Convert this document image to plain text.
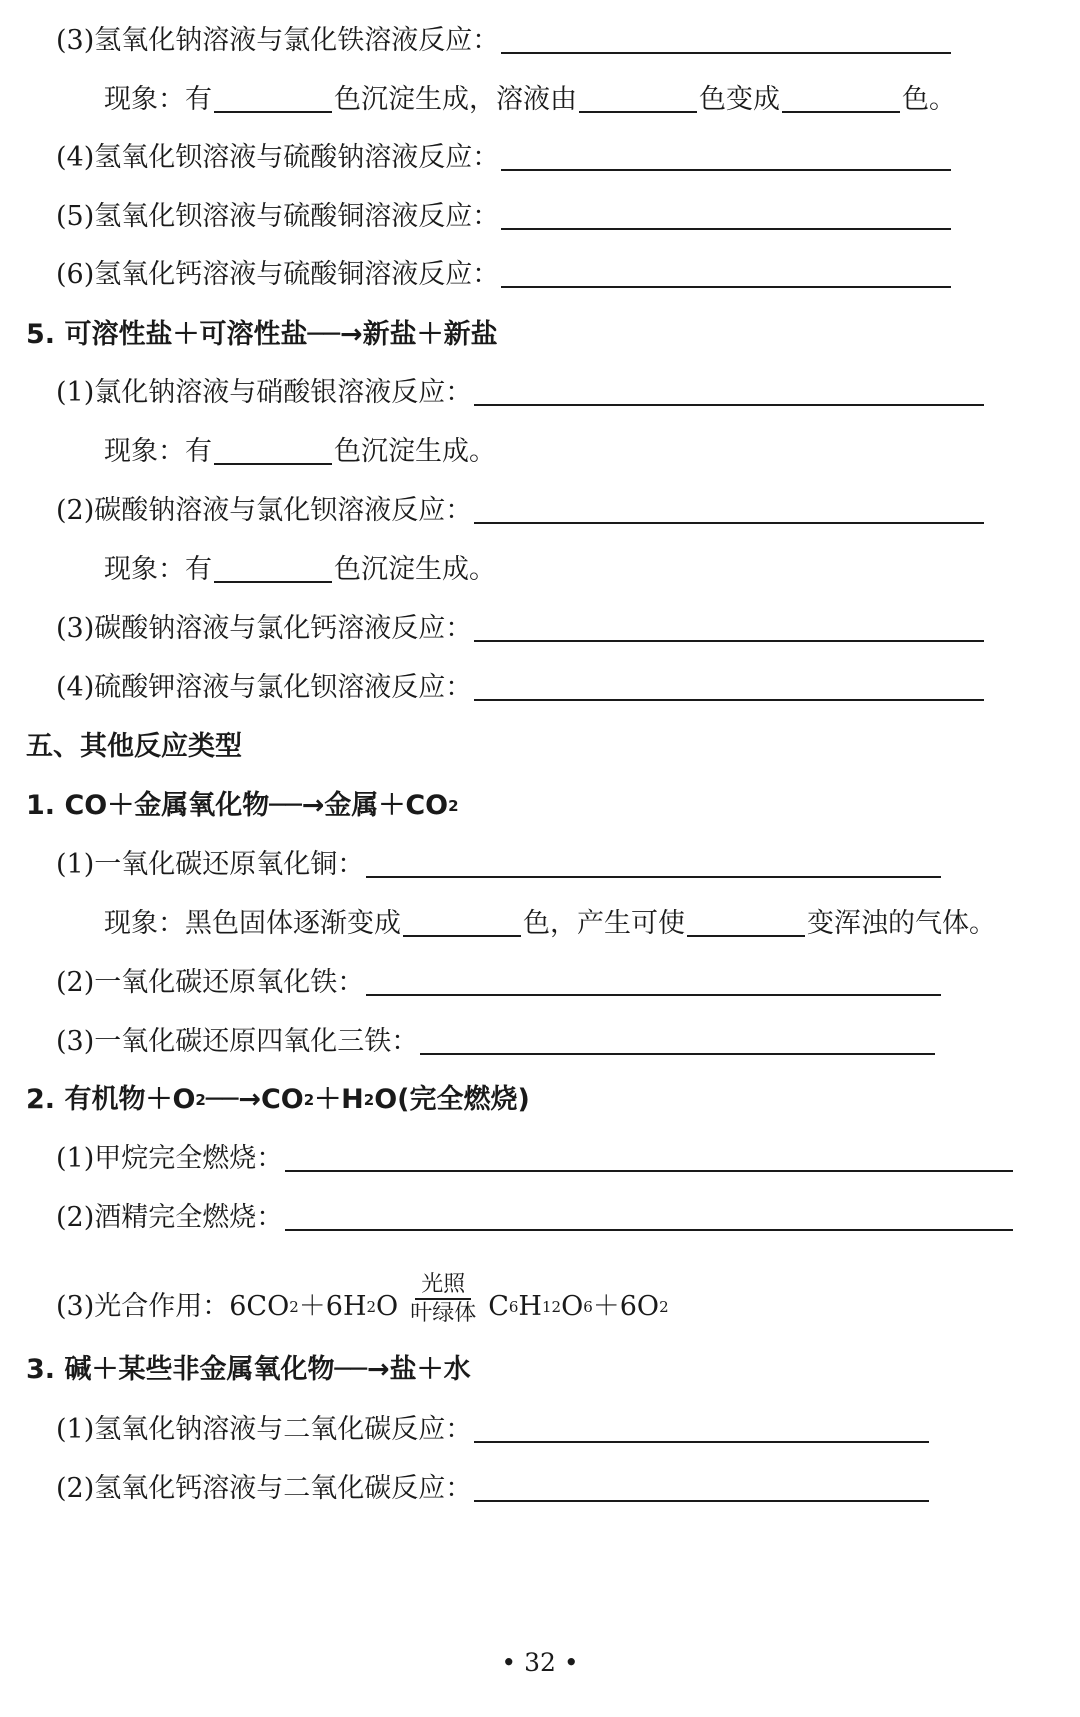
(3)氢氧化钠溶液与氯化铁溶液反应：
现象：有	色沉淀生成，溶液由	色变成	色。
(4)氢氧化钡溶液与硫酸钠溶液反应：
(5)氢氧化钡溶液与硫酸铜溶液反应：
(6)氢氧化钙溶液与硫酸铜溶液反应：
5. 可溶性盐＋可溶性盐──→新盐＋新盐
(1)氯化钠溶液与硝酸银溶液反应：
现象：有	色沉淀生成。
(2)碳酸钠溶液与氯化钡溶液反应：
现象：有	色沉淀生成。
(3)碳酸钠溶液与氯化钙溶液反应：
(4)硫酸钾溶液与氯化钡溶液反应：
五、其他反应类型
1. CO＋金属氧化物──→金属＋CO 2
(1)一氧化碳还原氧化铜：
现象：黑色固体逐渐变成	色，产生可使	变浑浊的气体。
(2)一氧化碳还原氧化铁：
(3)一氧化碳还原四氧化三铁：
2. 有机物＋O 2 ──→CO 2 ＋H 2 O(完全燃烧)
(1)甲烷完全燃烧：
(2)酒精完全燃烧：
(3)光合作用：6CO 2 ＋6H 2 O $\frac{\text{光照}}{\text{叶绿体}}$ C 6 H 12 O 6 ＋6O 2
3. 碱＋某些非金属氧化物──→盐＋水
(1)氢氧化钠溶液与二氧化碳反应：
(2)氢氧化钙溶液与二氧化碳反应：
• 32 •
